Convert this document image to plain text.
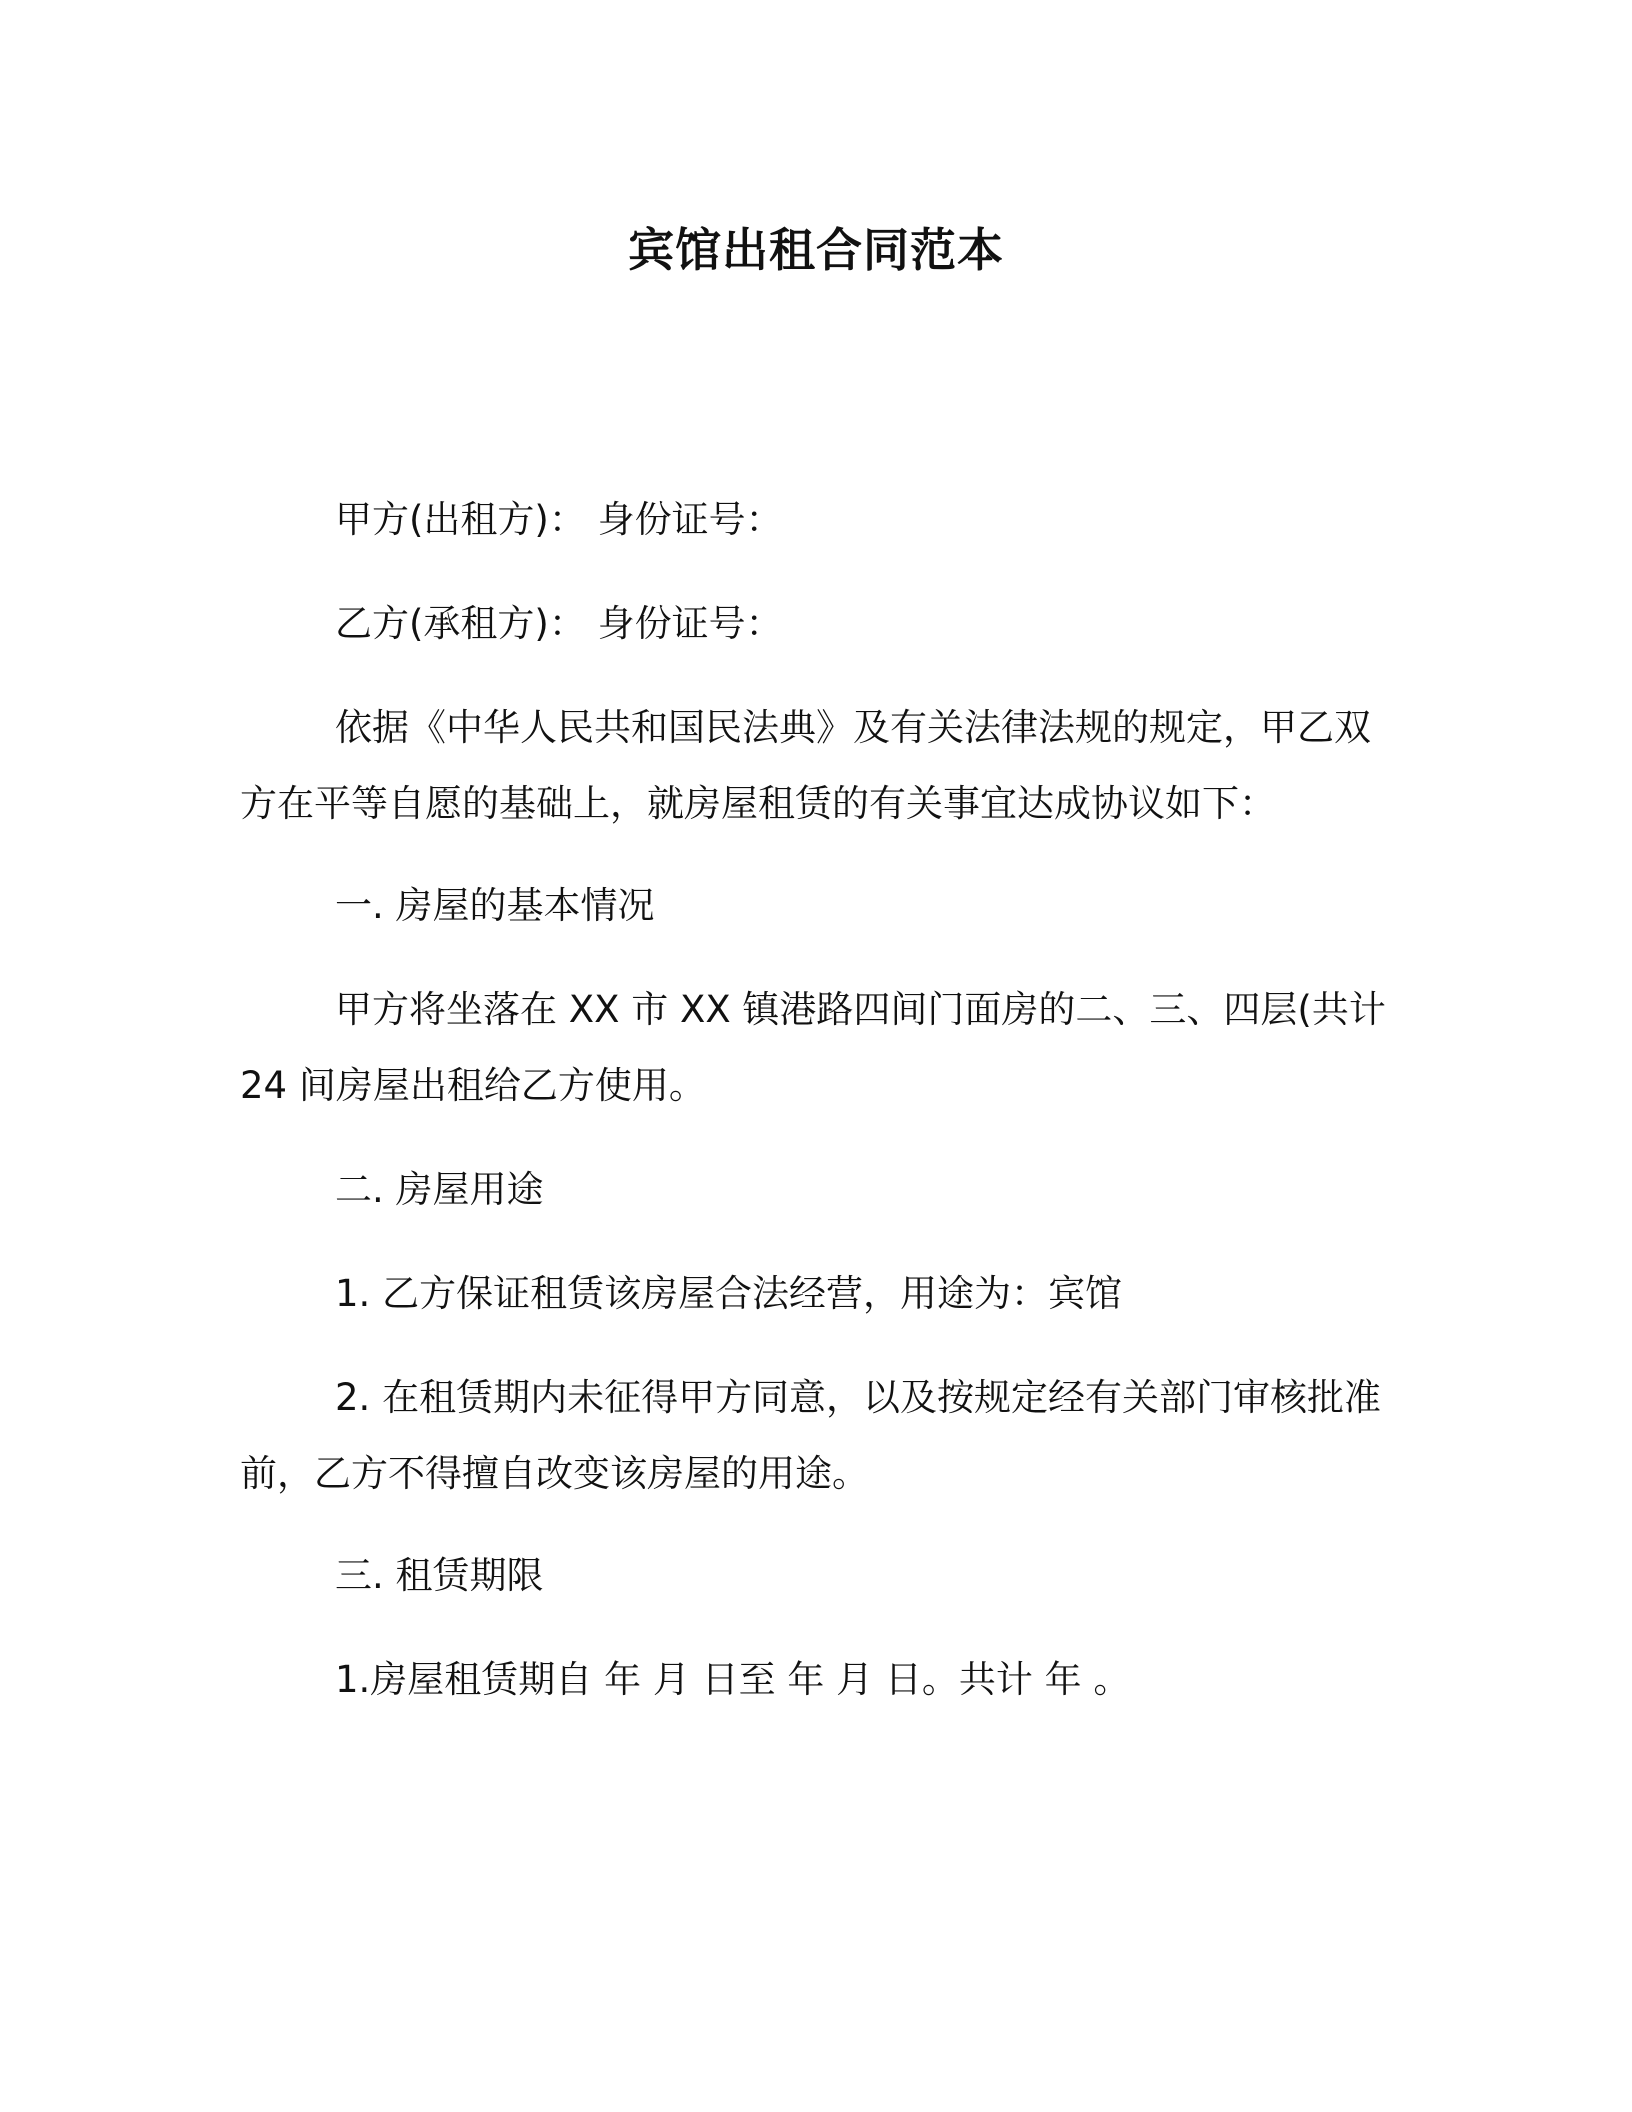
宾馆出租合同范本
甲方(出租方)： 身份证号：
乙方(承租方)： 身份证号：
依据《中华人民共和国民法典》及有关法律法规的规定，甲乙双
方在平等自愿的基础上，就房屋租赁的有关事宜达成协议如下：
一. 房屋的基本情况
甲方将坐落在 XX 市 XX 镇港路四间门面房的二、三、四层(共计
24 间房屋出租给乙方使用。
二. 房屋用途
1. 乙方保证租赁该房屋合法经营，用途为：宾馆
2. 在租赁期内未征得甲方同意，以及按规定经有关部门审核批准
前，乙方不得擅自改变该房屋的用途。
三. 租赁期限
1.房屋租赁期自 年 月 日至 年 月 日。共计 年 。
